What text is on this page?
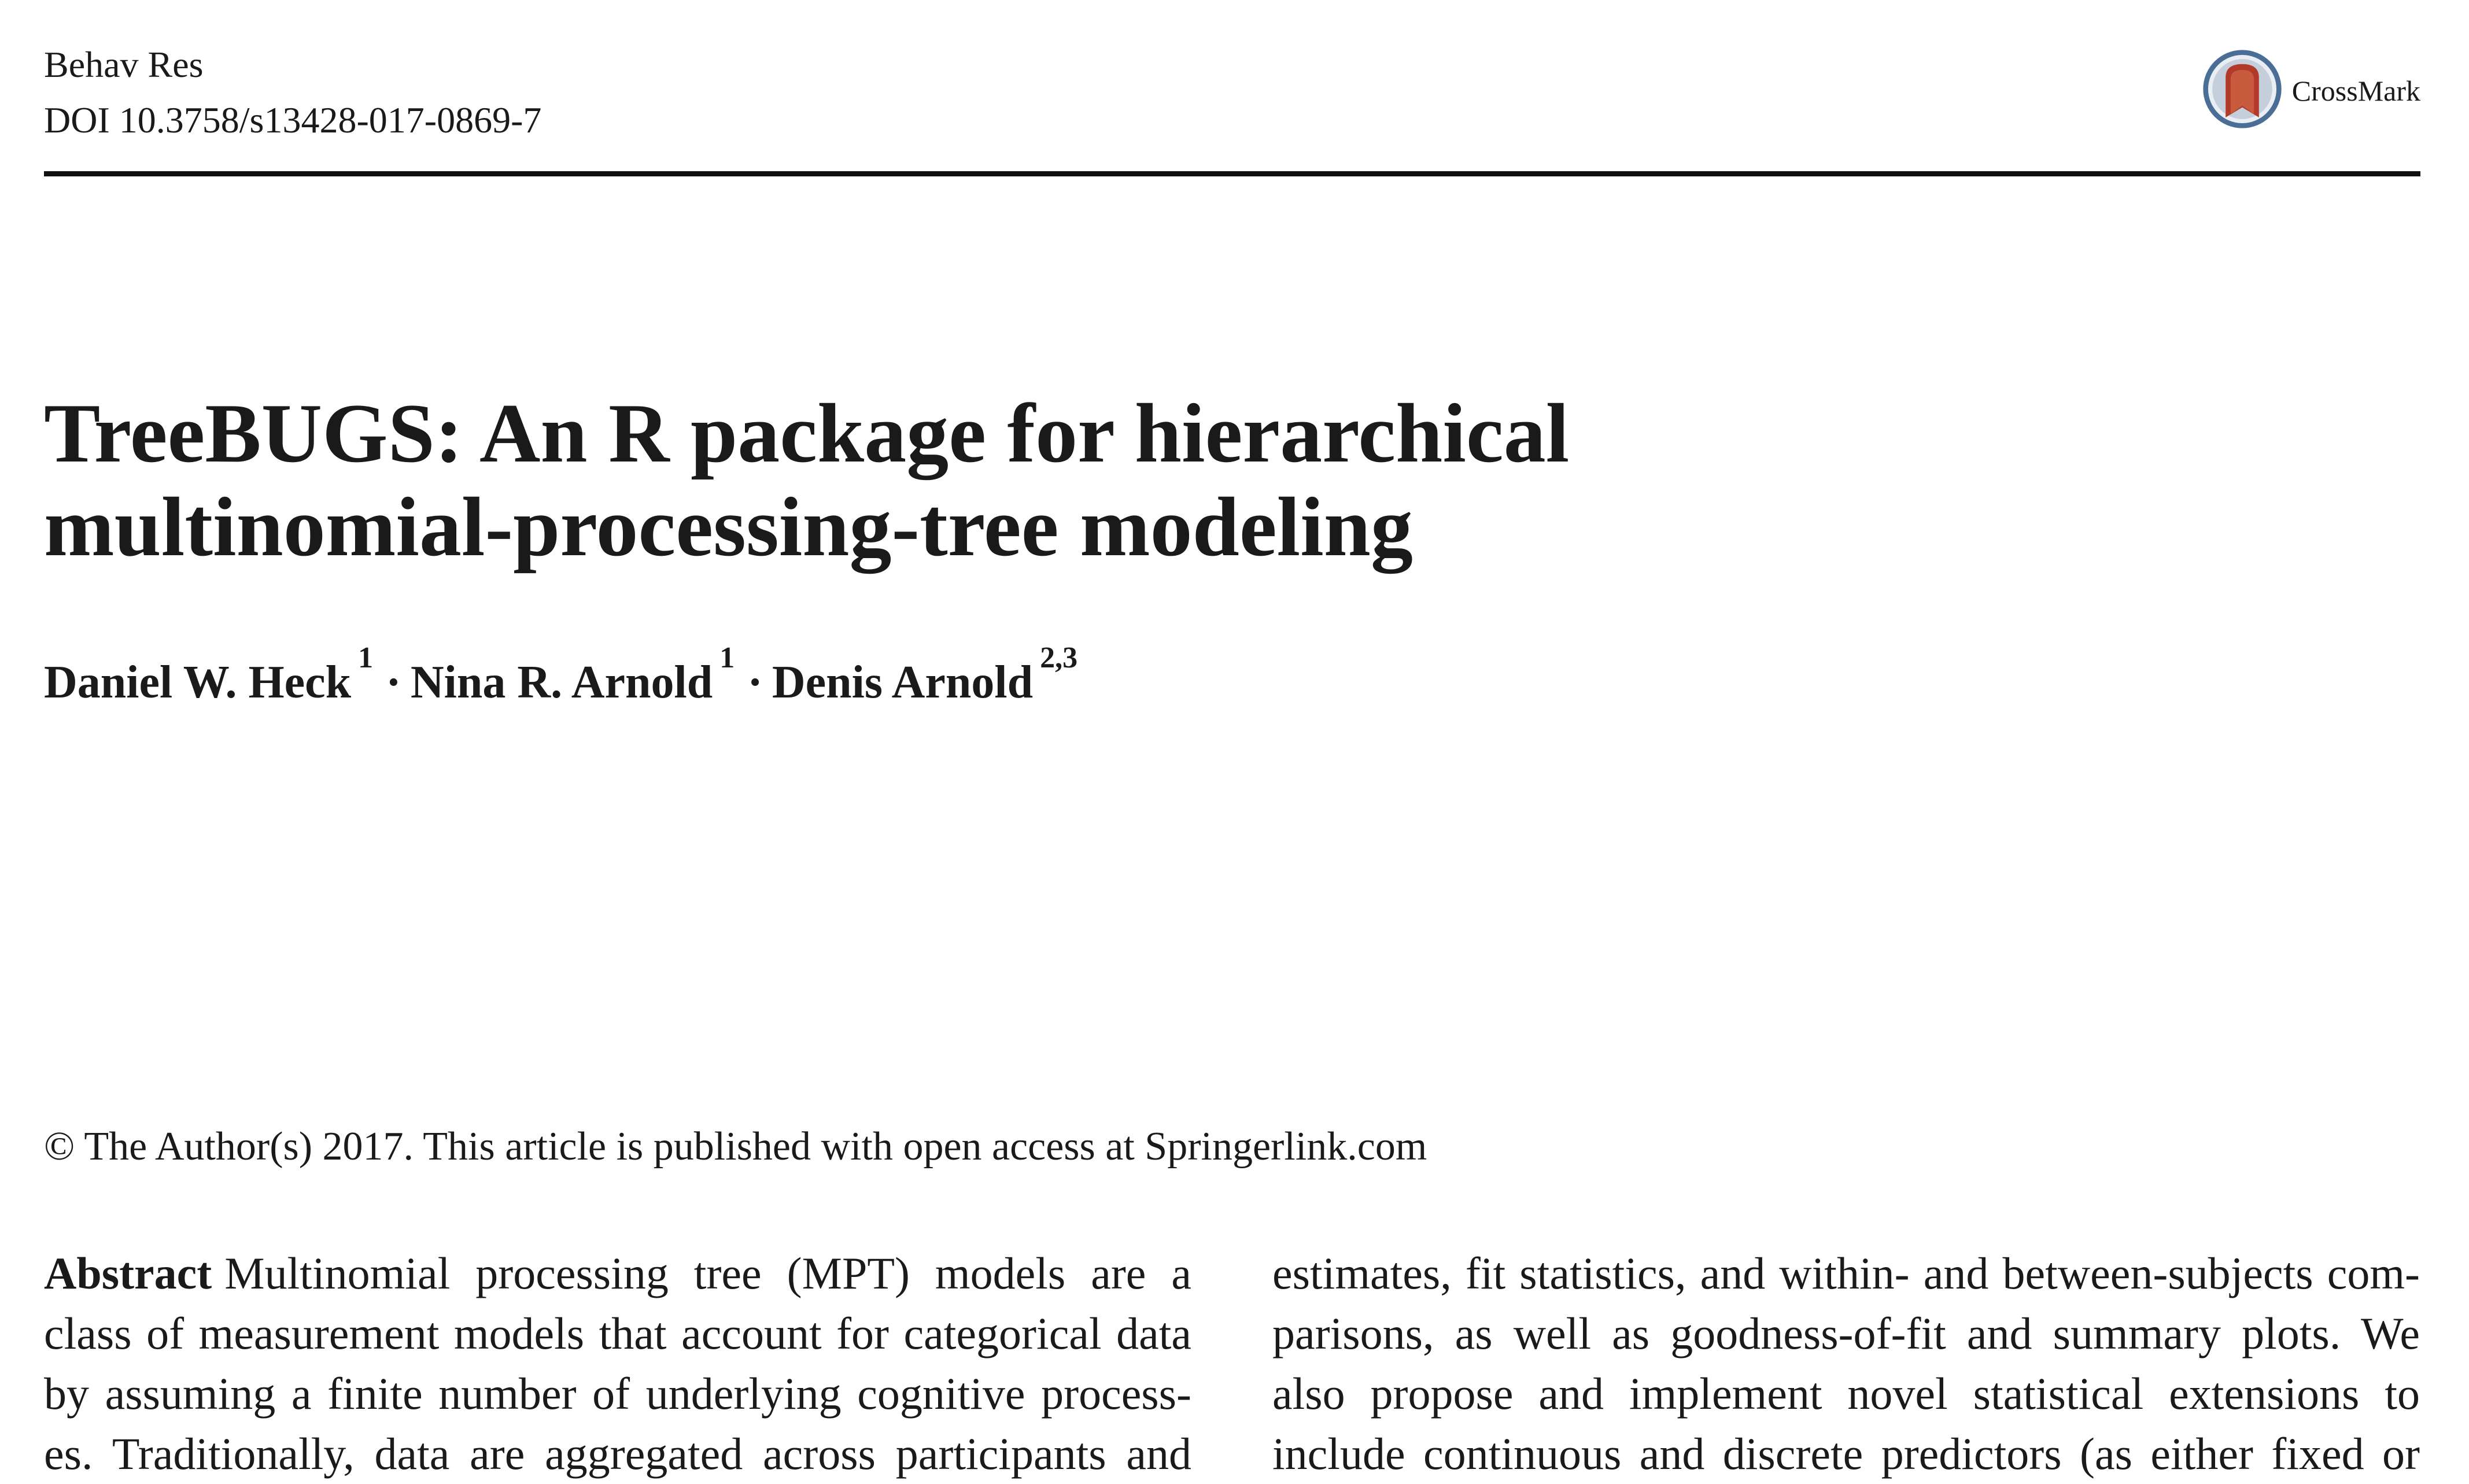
Behav Res
DOI 10.3758/s13428-017-0869-7
CrossMark
TreeBUGS: An R package for hierarchical
multinomial-processing-tree modeling
Daniel W. Heck $^1$ · Nina R. Arnold $^1$ · Denis Arnold $^{2,3}$
© The Author(s) 2017. This article is published with open access at Springerlink.com
Abstract Multinomial processing tree (MPT) models are a
class of measurement models that account for categorical data
by assuming a finite number of underlying cognitive process-
es. Traditionally, data are aggregated across participants and
estimates, fit statistics, and within- and between-subjects com-
parisons, as well as goodness-of-fit and summary plots. We
also propose and implement novel statistical extensions to
include continuous and discrete predictors (as either fixed or
